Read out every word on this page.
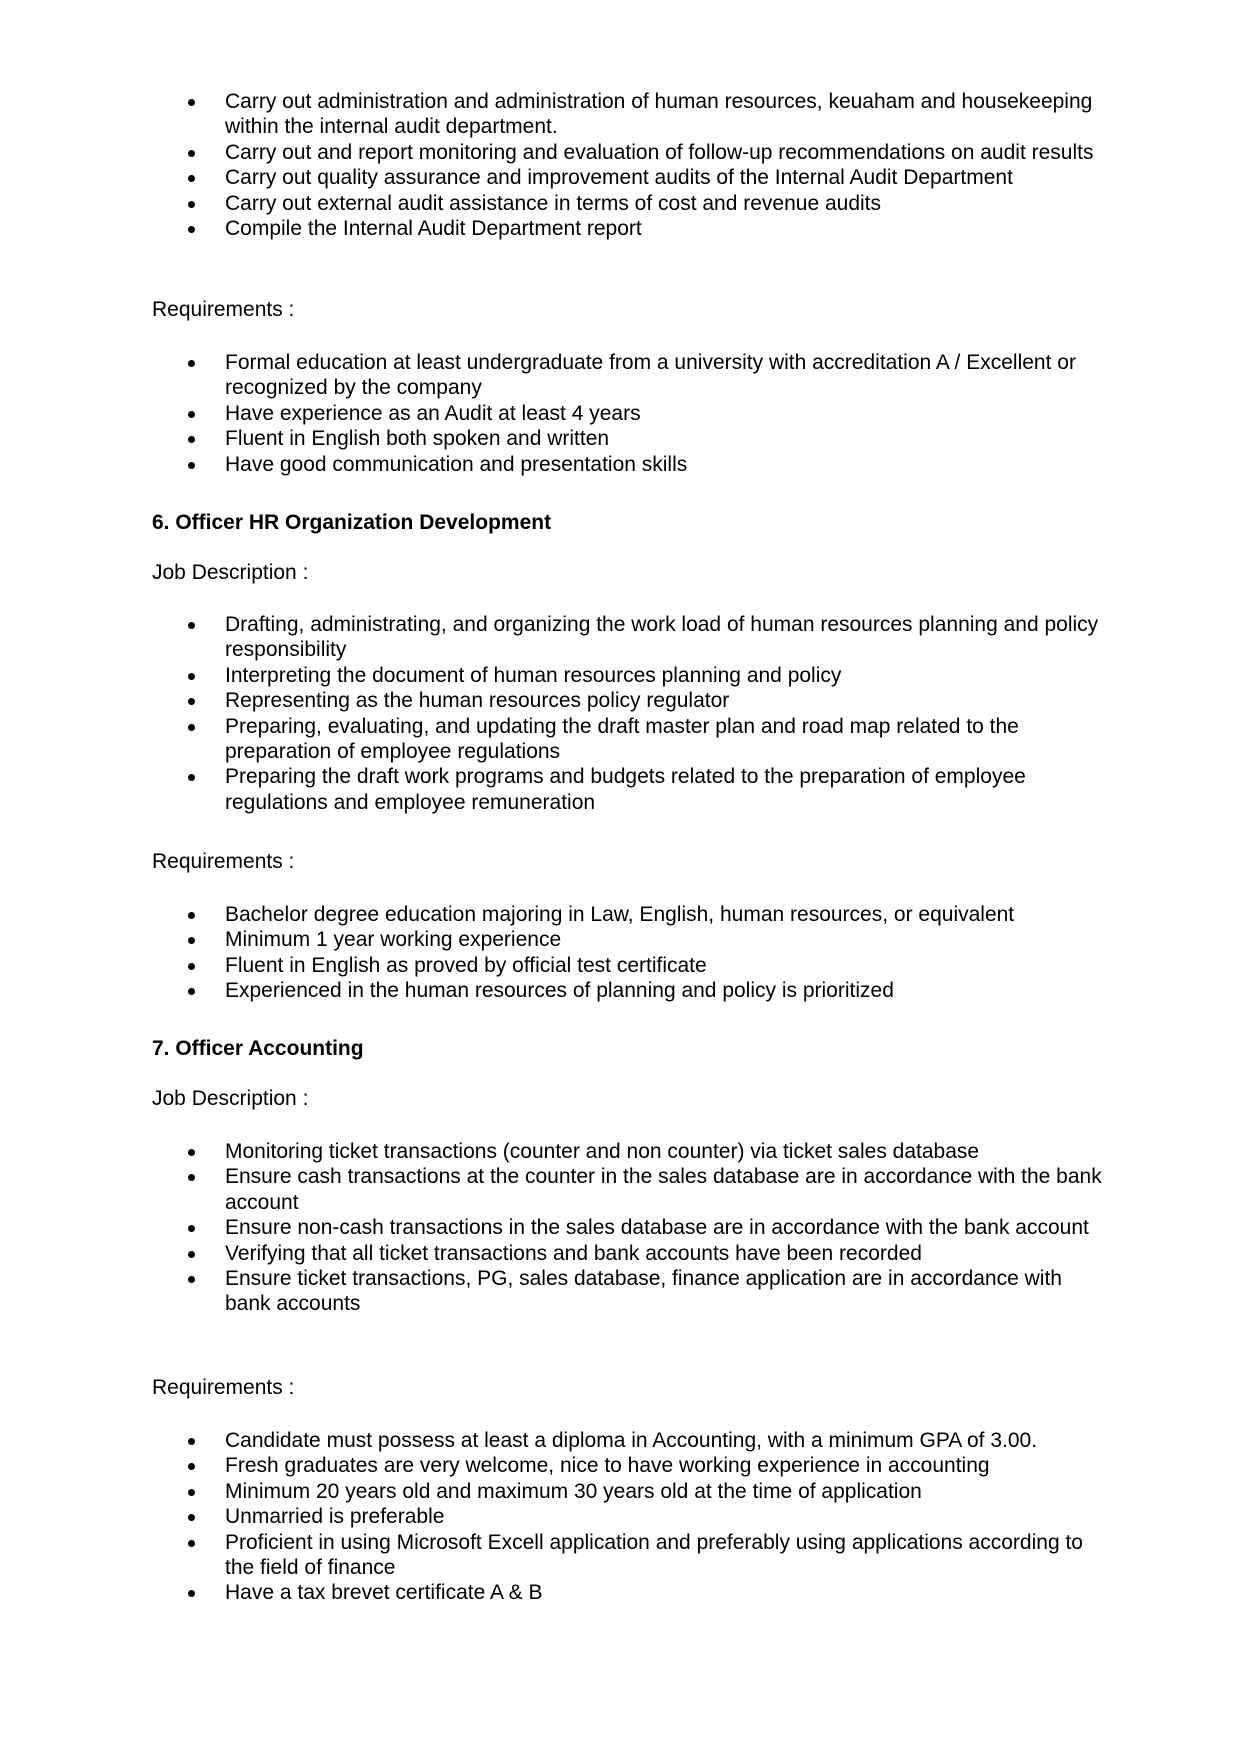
Carry out administration and administration of human resources, keuaham and housekeeping within the internal audit department.
Carry out and report monitoring and evaluation of follow-up recommendations on audit results
Carry out quality assurance and improvement audits of the Internal Audit Department
Carry out external audit assistance in terms of cost and revenue audits
Compile the Internal Audit Department report

Requirements :

Formal education at least undergraduate from a university with accreditation A / Excellent or recognized by the company
Have experience as an Audit at least 4 years
Fluent in English both spoken and written
Have good communication and presentation skills
6. Officer HR Organization Development

Job Description :

Drafting, administrating, and organizing the work load of human resources planning and policy responsibility
Interpreting the document of human resources planning and policy
Representing as the human resources policy regulator
Preparing, evaluating, and updating the draft master plan and road map related to the preparation of employee regulations
Preparing the draft work programs and budgets related to the preparation of employee regulations and employee remuneration

Requirements :

Bachelor degree education majoring in Law, English, human resources, or equivalent
Minimum 1 year working experience
Fluent in English as proved by official test certificate
Experienced in the human resources of planning and policy is prioritized
7. Officer Accounting

Job Description :

Monitoring ticket transactions (counter and non counter) via ticket sales database
Ensure cash transactions at the counter in the sales database are in accordance with the bank account
Ensure non-cash transactions in the sales database are in accordance with the bank account
Verifying that all ticket transactions and bank accounts have been recorded
Ensure ticket transactions, PG, sales database, finance application are in accordance with bank accounts

Requirements :

Candidate must possess at least a diploma in Accounting, with a minimum GPA of 3.00.
Fresh graduates are very welcome, nice to have working experience in accounting
Minimum 20 years old and maximum 30 years old at the time of application
Unmarried is preferable
Proficient in using Microsoft Excell application and preferably using applications according to the field of finance
Have a tax brevet certificate A & B
